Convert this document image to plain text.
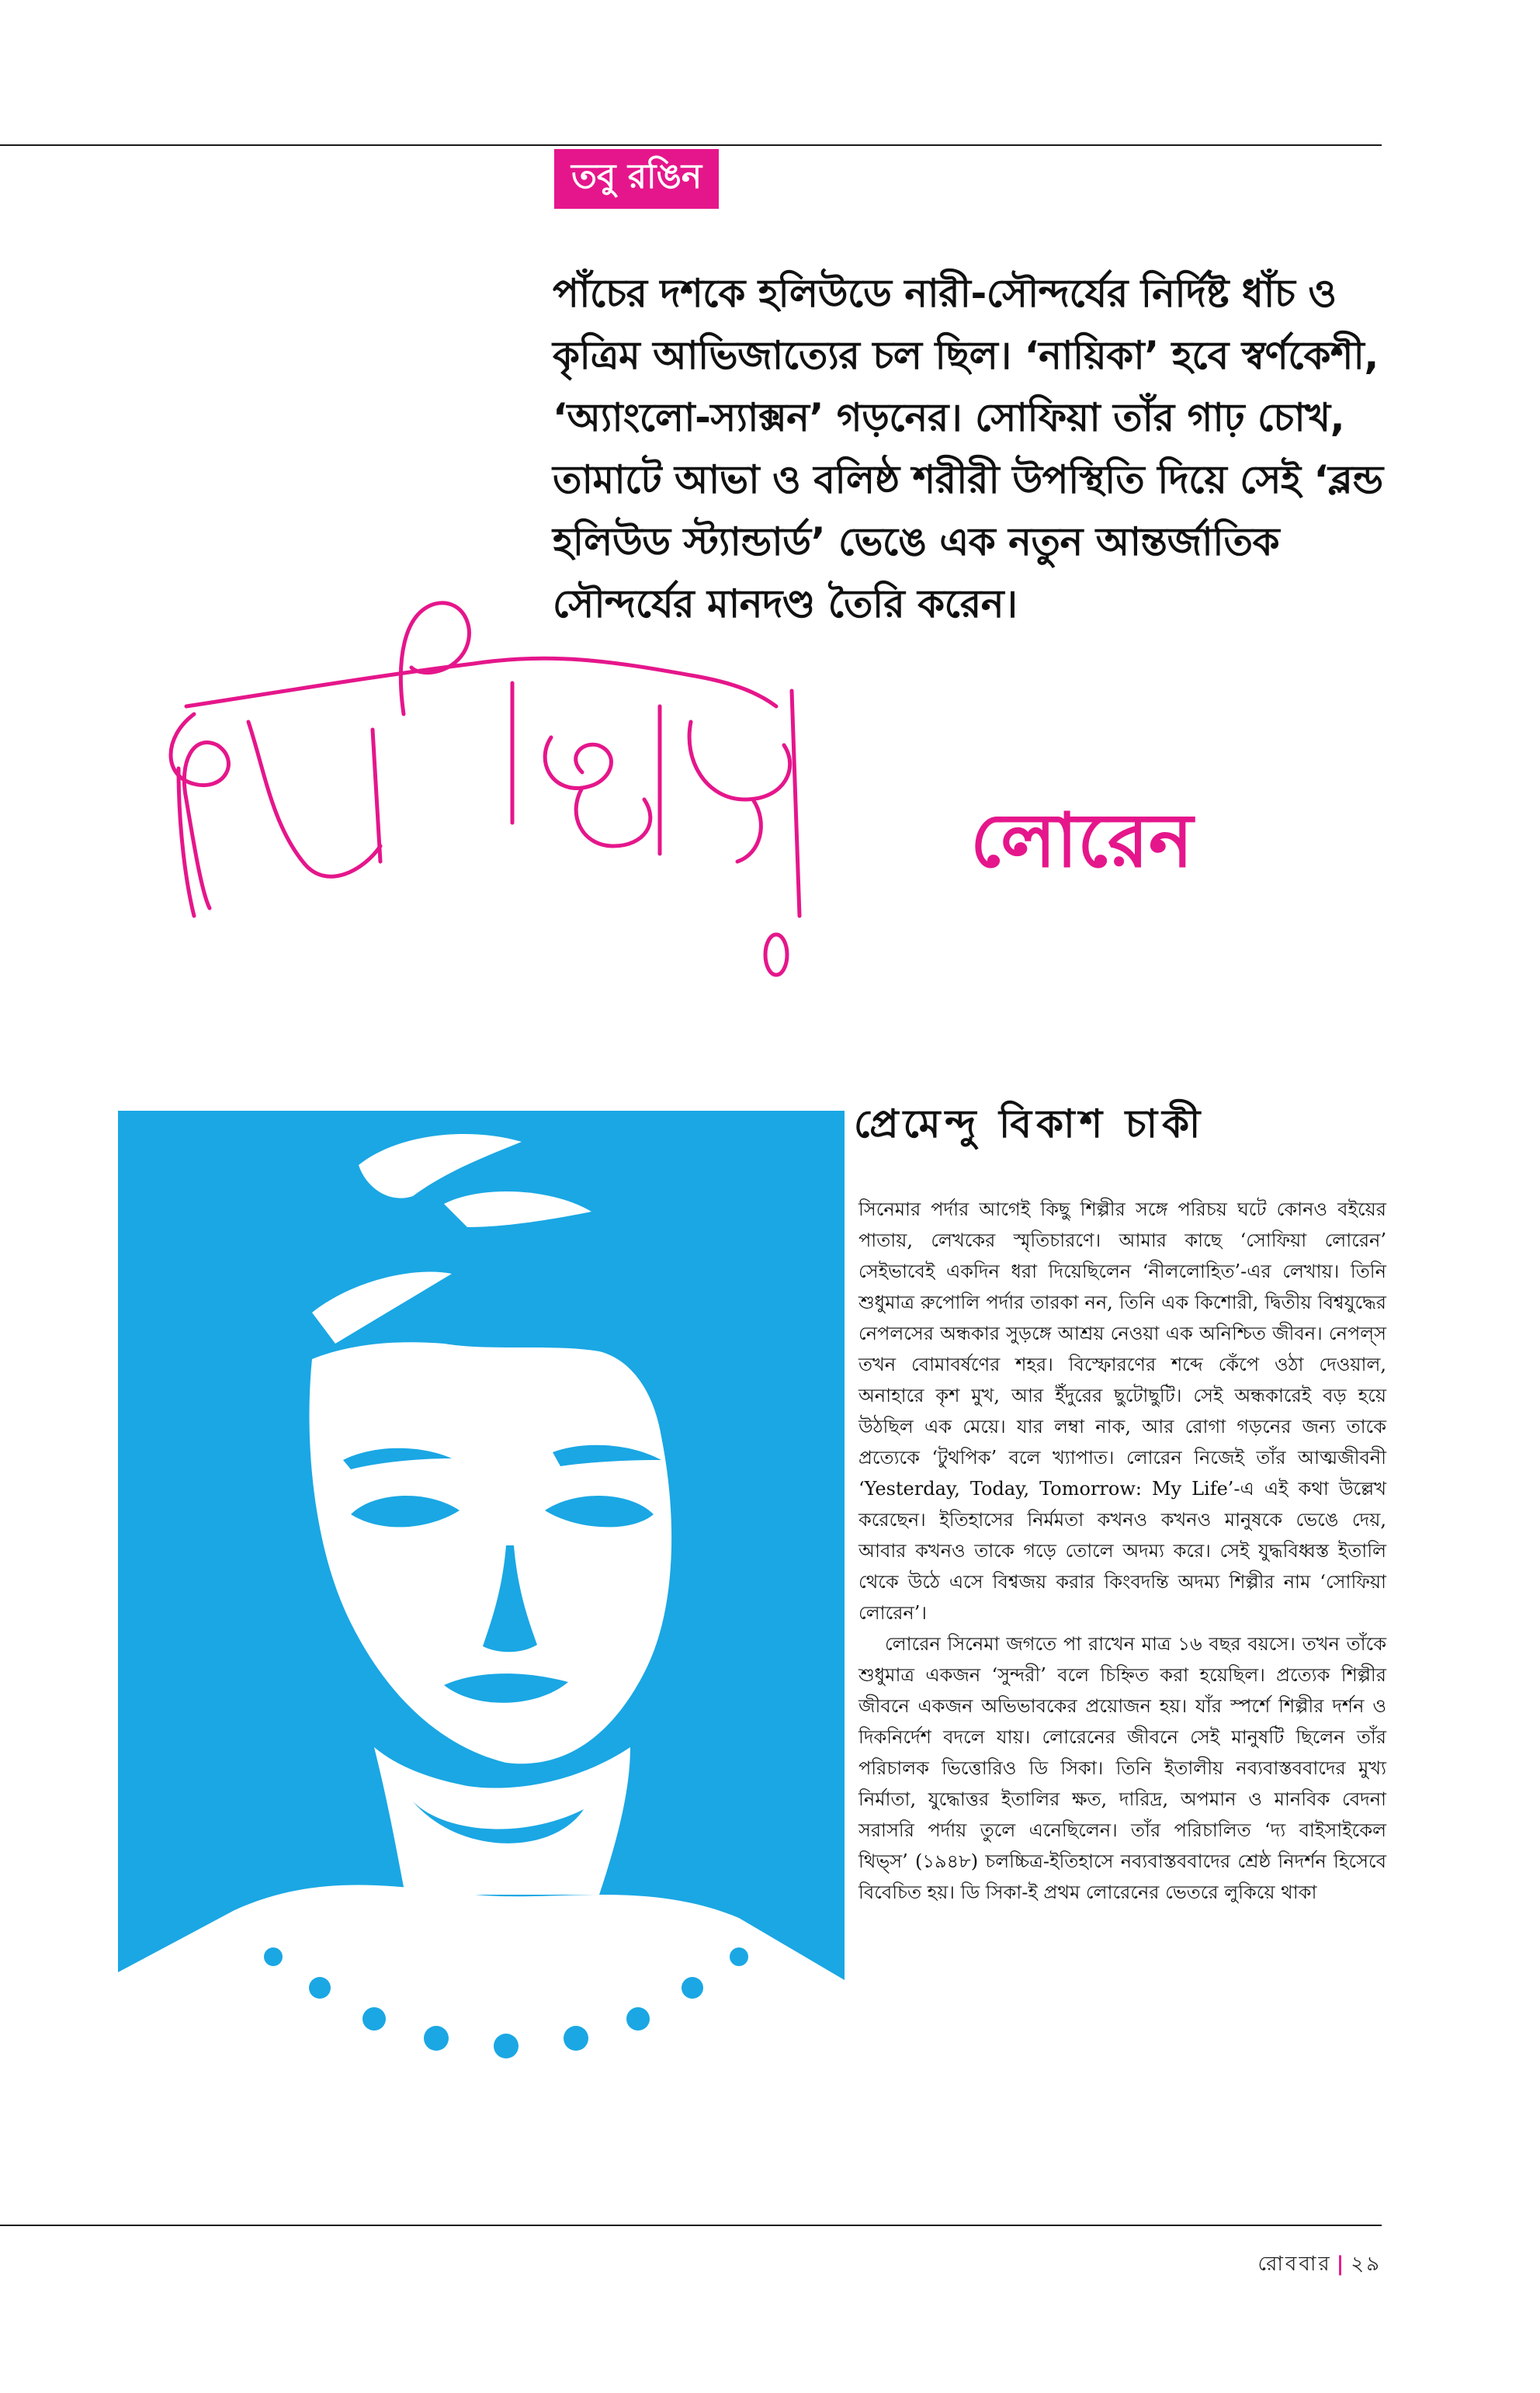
তবু রঙিন
পাঁচের দশকে হলিউডে নারী-সৌন্দর্যের নির্দিষ্ট ধাঁচ ও কৃত্রিম আভিজাত্যের চল ছিল। ‘নায়িকা’ হবে স্বর্ণকেশী, ‘অ্যাংলো-স্যাক্সন’ গড়নের। সোফিয়া তাঁর গাঢ় চোখ, তামাটে আভা ও বলিষ্ঠ শরীরী উপস্থিতি দিয়ে সেই ‘ব্লন্ড হলিউড স্ট্যান্ডার্ড’ ভেঙে এক নতুন আন্তর্জাতিক সৌন্দর্যের মানদণ্ড তৈরি করেন।
লোরেন
প্রেমেন্দু বিকাশ চাকী

সিনেমার পর্দার আগেই কিছু শিল্পীর সঙ্গে পরিচয় ঘটে কোনও বইয়ের পাতায়, লেখকের স্মৃতিচারণে। আমার কাছে ‘সোফিয়া লোরেন’ সেইভাবেই একদিন ধরা দিয়েছিলেন ‘নীললোহিত’-এর লেখায়। তিনি শুধুমাত্র রুপোলি পর্দার তারকা নন, তিনি এক কিশোরী, দ্বিতীয় বিশ্বযুদ্ধের নেপলসের অন্ধকার সুড়ঙ্গে আশ্রয় নেওয়া এক অনিশ্চিত জীবন। নেপল্‌স তখন বোমাবর্ষণের শহর। বিস্ফোরণের শব্দে কেঁপে ওঠা দেওয়াল, অনাহারে কৃশ মুখ, আর ইঁদুরের ছুটোছুটি। সেই অন্ধকারেই বড় হয়ে উঠছিল এক মেয়ে। যার লম্বা নাক, আর রোগা গড়নের জন্য তাকে প্রত্যেকে ‘টুথপিক’ বলে খ্যাপাত। লোরেন নিজেই তাঁর আত্মজীবনী ‘Yesterday, Today, Tomorrow: My Life’-এ এই কথা উল্লেখ করেছেন। ইতিহাসের নির্মমতা কখনও কখনও মানুষকে ভেঙে দেয়, আবার কখনও তাকে গড়ে তোলে অদম্য করে। সেই যুদ্ধবিধ্বস্ত ইতালি থেকে উঠে এসে বিশ্বজয় করার কিংবদন্তি অদম্য শিল্পীর নাম ‘সোফিয়া লোরেন’।

লোরেন সিনেমা জগতে পা রাখেন মাত্র ১৬ বছর বয়সে। তখন তাঁকে শুধুমাত্র একজন ‘সুন্দরী’ বলে চিহ্নিত করা হয়েছিল। প্রত্যেক শিল্পীর জীবনে একজন অভিভাবকের প্রয়োজন হয়। যাঁর স্পর্শে শিল্পীর দর্শন ও দিকনির্দেশ বদলে যায়। লোরেনের জীবনে সেই মানুষটি ছিলেন তাঁর পরিচালক ভিত্তোরিও ডি সিকা। তিনি ইতালীয় নব্যবাস্তববাদের মুখ্য নির্মাতা, যুদ্ধোত্তর ইতালির ক্ষত, দারিদ্র, অপমান ও মানবিক বেদনা সরাসরি পর্দায় তুলে এনেছিলেন। তাঁর পরিচালিত ‘দ্য বাইসাইকেল থিভ্‌স’ (১৯৪৮) চলচ্চিত্র-ইতিহাসে নব্যবাস্তববাদের শ্রেষ্ঠ নিদর্শন হিসেবে বিবেচিত হয়। ডি সিকা-ই প্রথম লোরেনের ভেতরে লুকিয়ে থাকা

রোববার | ২৯
